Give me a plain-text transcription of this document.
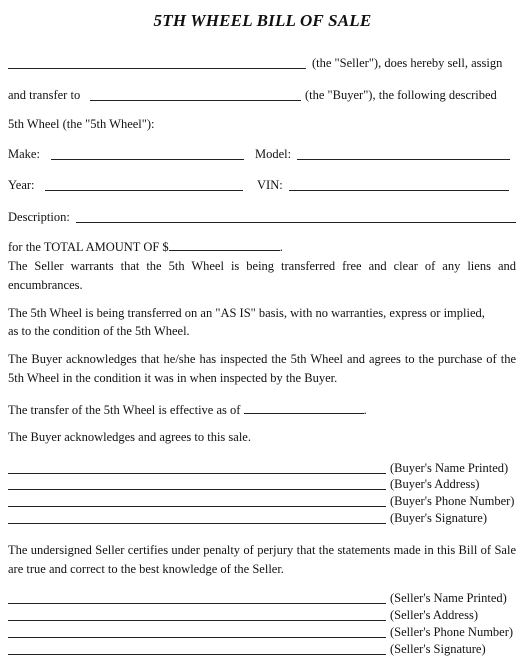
5TH WHEEL BILL OF SALE
(the "Seller"), does hereby sell, assign
and transfer to	(the "Buyer"), the following described
5th Wheel (the "5th Wheel"):
Make:	Model:
Year:	VIN:
Description:
for the TOTAL AMOUNT OF $	.
The Seller warrants that the 5th Wheel is being transferred free and clear of any liens and encumbrances.
The 5th Wheel is being transferred on an "AS IS" basis, with no warranties, express or implied,
as to the condition of the 5th Wheel.
The Buyer acknowledges that he/she has inspected the 5th Wheel and agrees to the purchase of the 5th Wheel in the condition it was in when inspected by the Buyer.
The transfer of the 5th Wheel is effective as of	.
The Buyer acknowledges and agrees to this sale.
(Buyer's Name Printed)
(Buyer's Address)
(Buyer's Phone Number)
(Buyer's Signature)
The undersigned Seller certifies under penalty of perjury that the statements made in this Bill of Sale are true and correct to the best knowledge of the Seller.
(Seller's Name Printed)
(Seller's Address)
(Seller's Phone Number)
(Seller's Signature)
